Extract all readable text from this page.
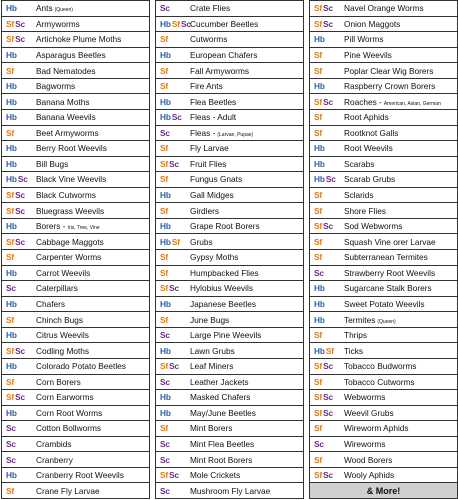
Hb	Ants (Queen)
SfSc	Armyworms
SfSc	Artichoke Plume Moths
Hb	Asparagus Beetles
Sf	Bad Nematodes
Hb	Bagworms
Hb	Banana Moths
Hb	Banana Weevils
Sf	Beet Armyworms
Hb	Berry Root Weevils
Hb	Bill Bugs
HbSc Black Vine Weevils
SfSc	Black Cutworms
SfSc	Bluegrass Weevils
Hb	Borers - Iris, Tree, Vine
SfSc	Cabbage Maggots
Sf	Carpenter Worms
Hb	Carrot Weevils
Sc	Caterpillars
Hb	Chafers
Sf	Chinch Bugs
Hb	Citrus Weevils
SfSc	Codling Moths
Hb	Colorado Potato Beetles
Sf	Corn Borers
SfSc	Corn Earworms
Hb	Corn Root Worms
Sc	Cotton Bollworms
Sc	Crambids
Sc	Cranberry
Hb	Cranberry Root Weevils
Sf	Crane Fly Larvae
Sc	Crate Flies
HbSfSc Cucumber Beetles
Sf	Cutworms
Hb	European Chafers
Sf	Fall Armyworms
Sf	Fire Ants
Hb	Flea Beetles
HbSc Fleas - Adult
Sc	Fleas - (Larvae, Pupae)
Sf	Fly Larvae
SfSc	Fruit Flies
Sf	Fungus Gnats
Hb	Gall Midges
Sf	Girdlers
Hb	Grape Root Borers
HbSf	Grubs
Sf	Gypsy Moths
Sf	Humpbacked Flies
SfSc	Hylobius Weevils
Hb	Japanese Beetles
Sf	June Bugs
Sc	Large Pine Weevils
Hb	Lawn Grubs
SfSc	Leaf Miners
Sc	Leather Jackets
Hb	Masked Chafers
Hb	May/June Beetles
Sf	Mint Borers
Sc	Mint Flea Beetles
Sc	Mint Root Borers
SfSc	Mole Crickets
Sc	Mushroom Fly Larvae
SfSc	Navel Orange Worms
SfSc	Onion Maggots
Hb	Pill Worms
Sf	Pine Weevils
Sf	Poplar Clear Wig Borers
Hb	Raspberry Crown Borers
SfSc	Roaches - American, Asian, German
Sf	Root Aphids
Sf	Rootknot Galls
Hb	Root Weevils
Hb	Scarabs
HbSc Scarab Grubs
Sf	Sclarids
Sf	Shore Flies
SfSc	Sod Webworms
Sf	Squash Vine orer Larvae
Sf	Subterranean Termites
Sc	Strawberry Root Weevils
Hb	Sugarcane Stalk Borers
Hb	Sweet Potato Weevils
Hb	Termites (Queen)
Sf	Thrips
HbSf	Ticks
SfSc	Tobacco Budworms
Sf	Tobacco Cutworms
SfSc	Webworms
SfSc	Weevil Grubs
Sf	Wireworm Aphids
Sc	Wireworms
Sf	Wood Borers
SfSc	Wooly Aphids
& More!
